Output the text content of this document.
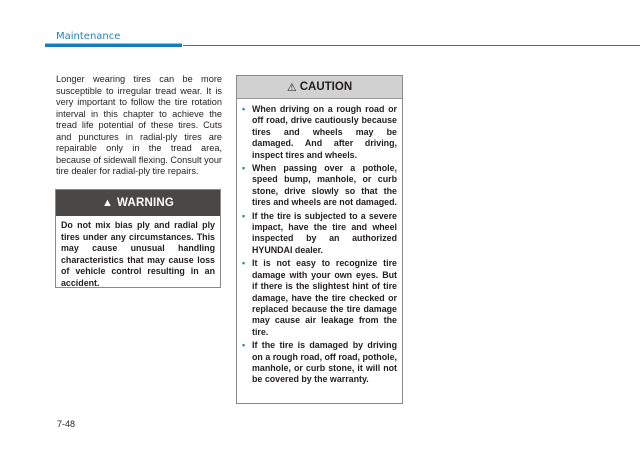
Maintenance

Longer wearing tires can be more susceptible to irregular tread wear. It is very important to follow the tire rotation interval in this chapter to achieve the tread life potential of these tires. Cuts and punctures in radial-ply tires are repairable only in the tread area, because of sidewall flexing. Consult your tire dealer for radial-ply tire repairs.

▲ WARNING
Do not mix bias ply and radial ply tires under any circumstances. This may cause unusual handling characteristics that may cause loss of vehicle control resulting in an accident.
⚠ CAUTION
• When driving on a rough road or off road, drive cautiously because tires and wheels may be damaged. And after driving, inspect tires and wheels.
• When passing over a pothole, speed bump, manhole, or curb stone, drive slowly so that the tires and wheels are not damaged.
• If the tire is subjected to a severe impact, have the tire and wheel inspected by an authorized HYUNDAI dealer.
• It is not easy to recognize tire damage with your own eyes. But if there is the slightest hint of tire damage, have the tire checked or replaced because the tire damage may cause air leakage from the tire.
• If the tire is damaged by driving on a rough road, off road, pothole, manhole, or curb stone, it will not be covered by the warranty.
7-48
